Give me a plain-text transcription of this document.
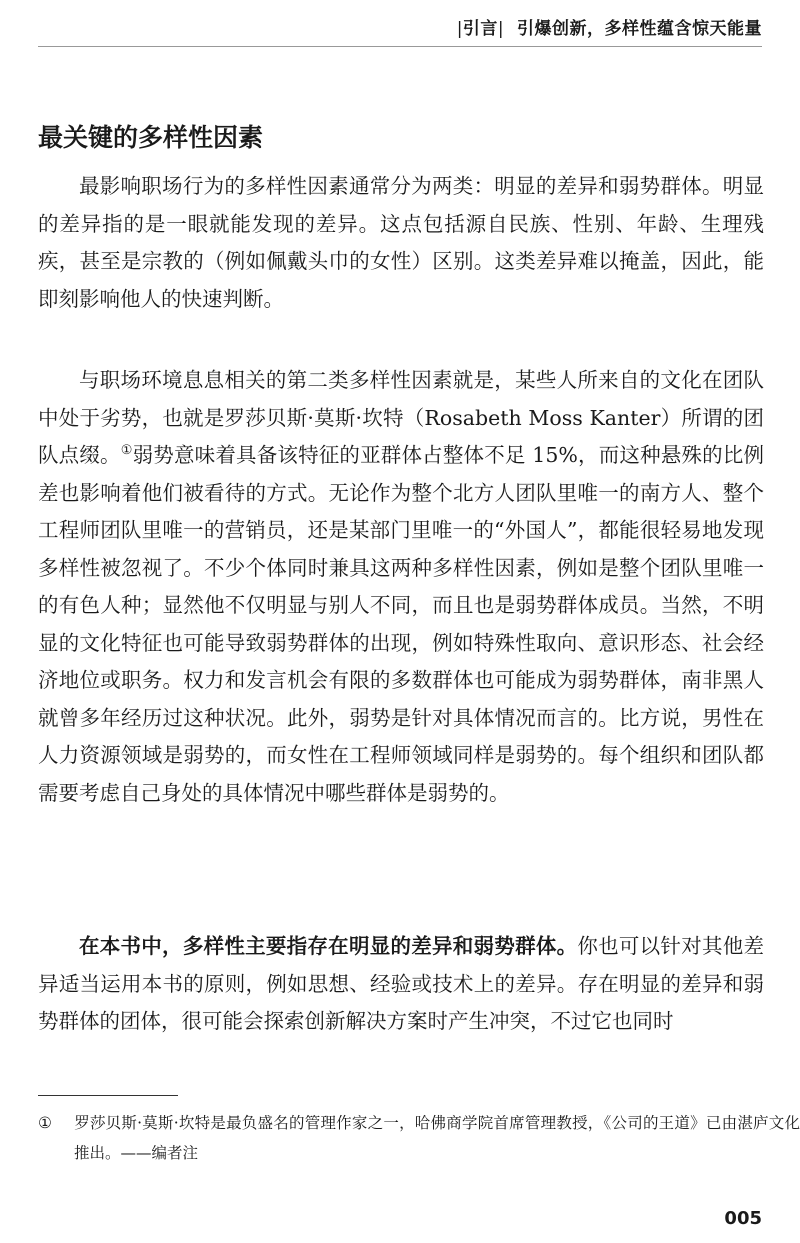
|引言| 引爆创新，多样性蕴含惊天能量
最关键的多样性因素

最影响职场行为的多样性因素通常分为两类：明显的差异和弱势群体。明显的差异指的是一眼就能发现的差异。这点包括源自民族、性别、年龄、生理残疾，甚至是宗教的（例如佩戴头巾的女性）区别。这类差异难以掩盖，因此，能即刻影响他人的快速判断。

与职场环境息息相关的第二类多样性因素就是，某些人所来自的文化在团队中处于劣势，也就是罗莎贝斯·莫斯·坎特（Rosabeth Moss Kanter）所谓的团队点缀。①弱势意味着具备该特征的亚群体占整体不足 15%，而这种悬殊的比例差也影响着他们被看待的方式。无论作为整个北方人团队里唯一的南方人、整个工程师团队里唯一的营销员，还是某部门里唯一的“外国人”，都能很轻易地发现多样性被忽视了。不少个体同时兼具这两种多样性因素，例如是整个团队里唯一的有色人种；显然他不仅明显与别人不同，而且也是弱势群体成员。当然，不明显的文化特征也可能导致弱势群体的出现，例如特殊性取向、意识形态、社会经济地位或职务。权力和发言机会有限的多数群体也可能成为弱势群体，南非黑人就曾多年经历过这种状况。此外，弱势是针对具体情况而言的。比方说，男性在人力资源领域是弱势的，而女性在工程师领域同样是弱势的。每个组织和团队都需要考虑自己身处的具体情况中哪些群体是弱势的。

在本书中，多样性主要指存在明显的差异和弱势群体。你也可以针对其他差异适当运用本书的原则，例如思想、经验或技术上的差异。存在明显的差异和弱势群体的团体，很可能会探索创新解决方案时产生冲突，不过它也同时

① 罗莎贝斯·莫斯·坎特是最负盛名的管理作家之一，哈佛商学院首席管理教授，《公司的王道》已由湛庐文化推出。——编者注

005
